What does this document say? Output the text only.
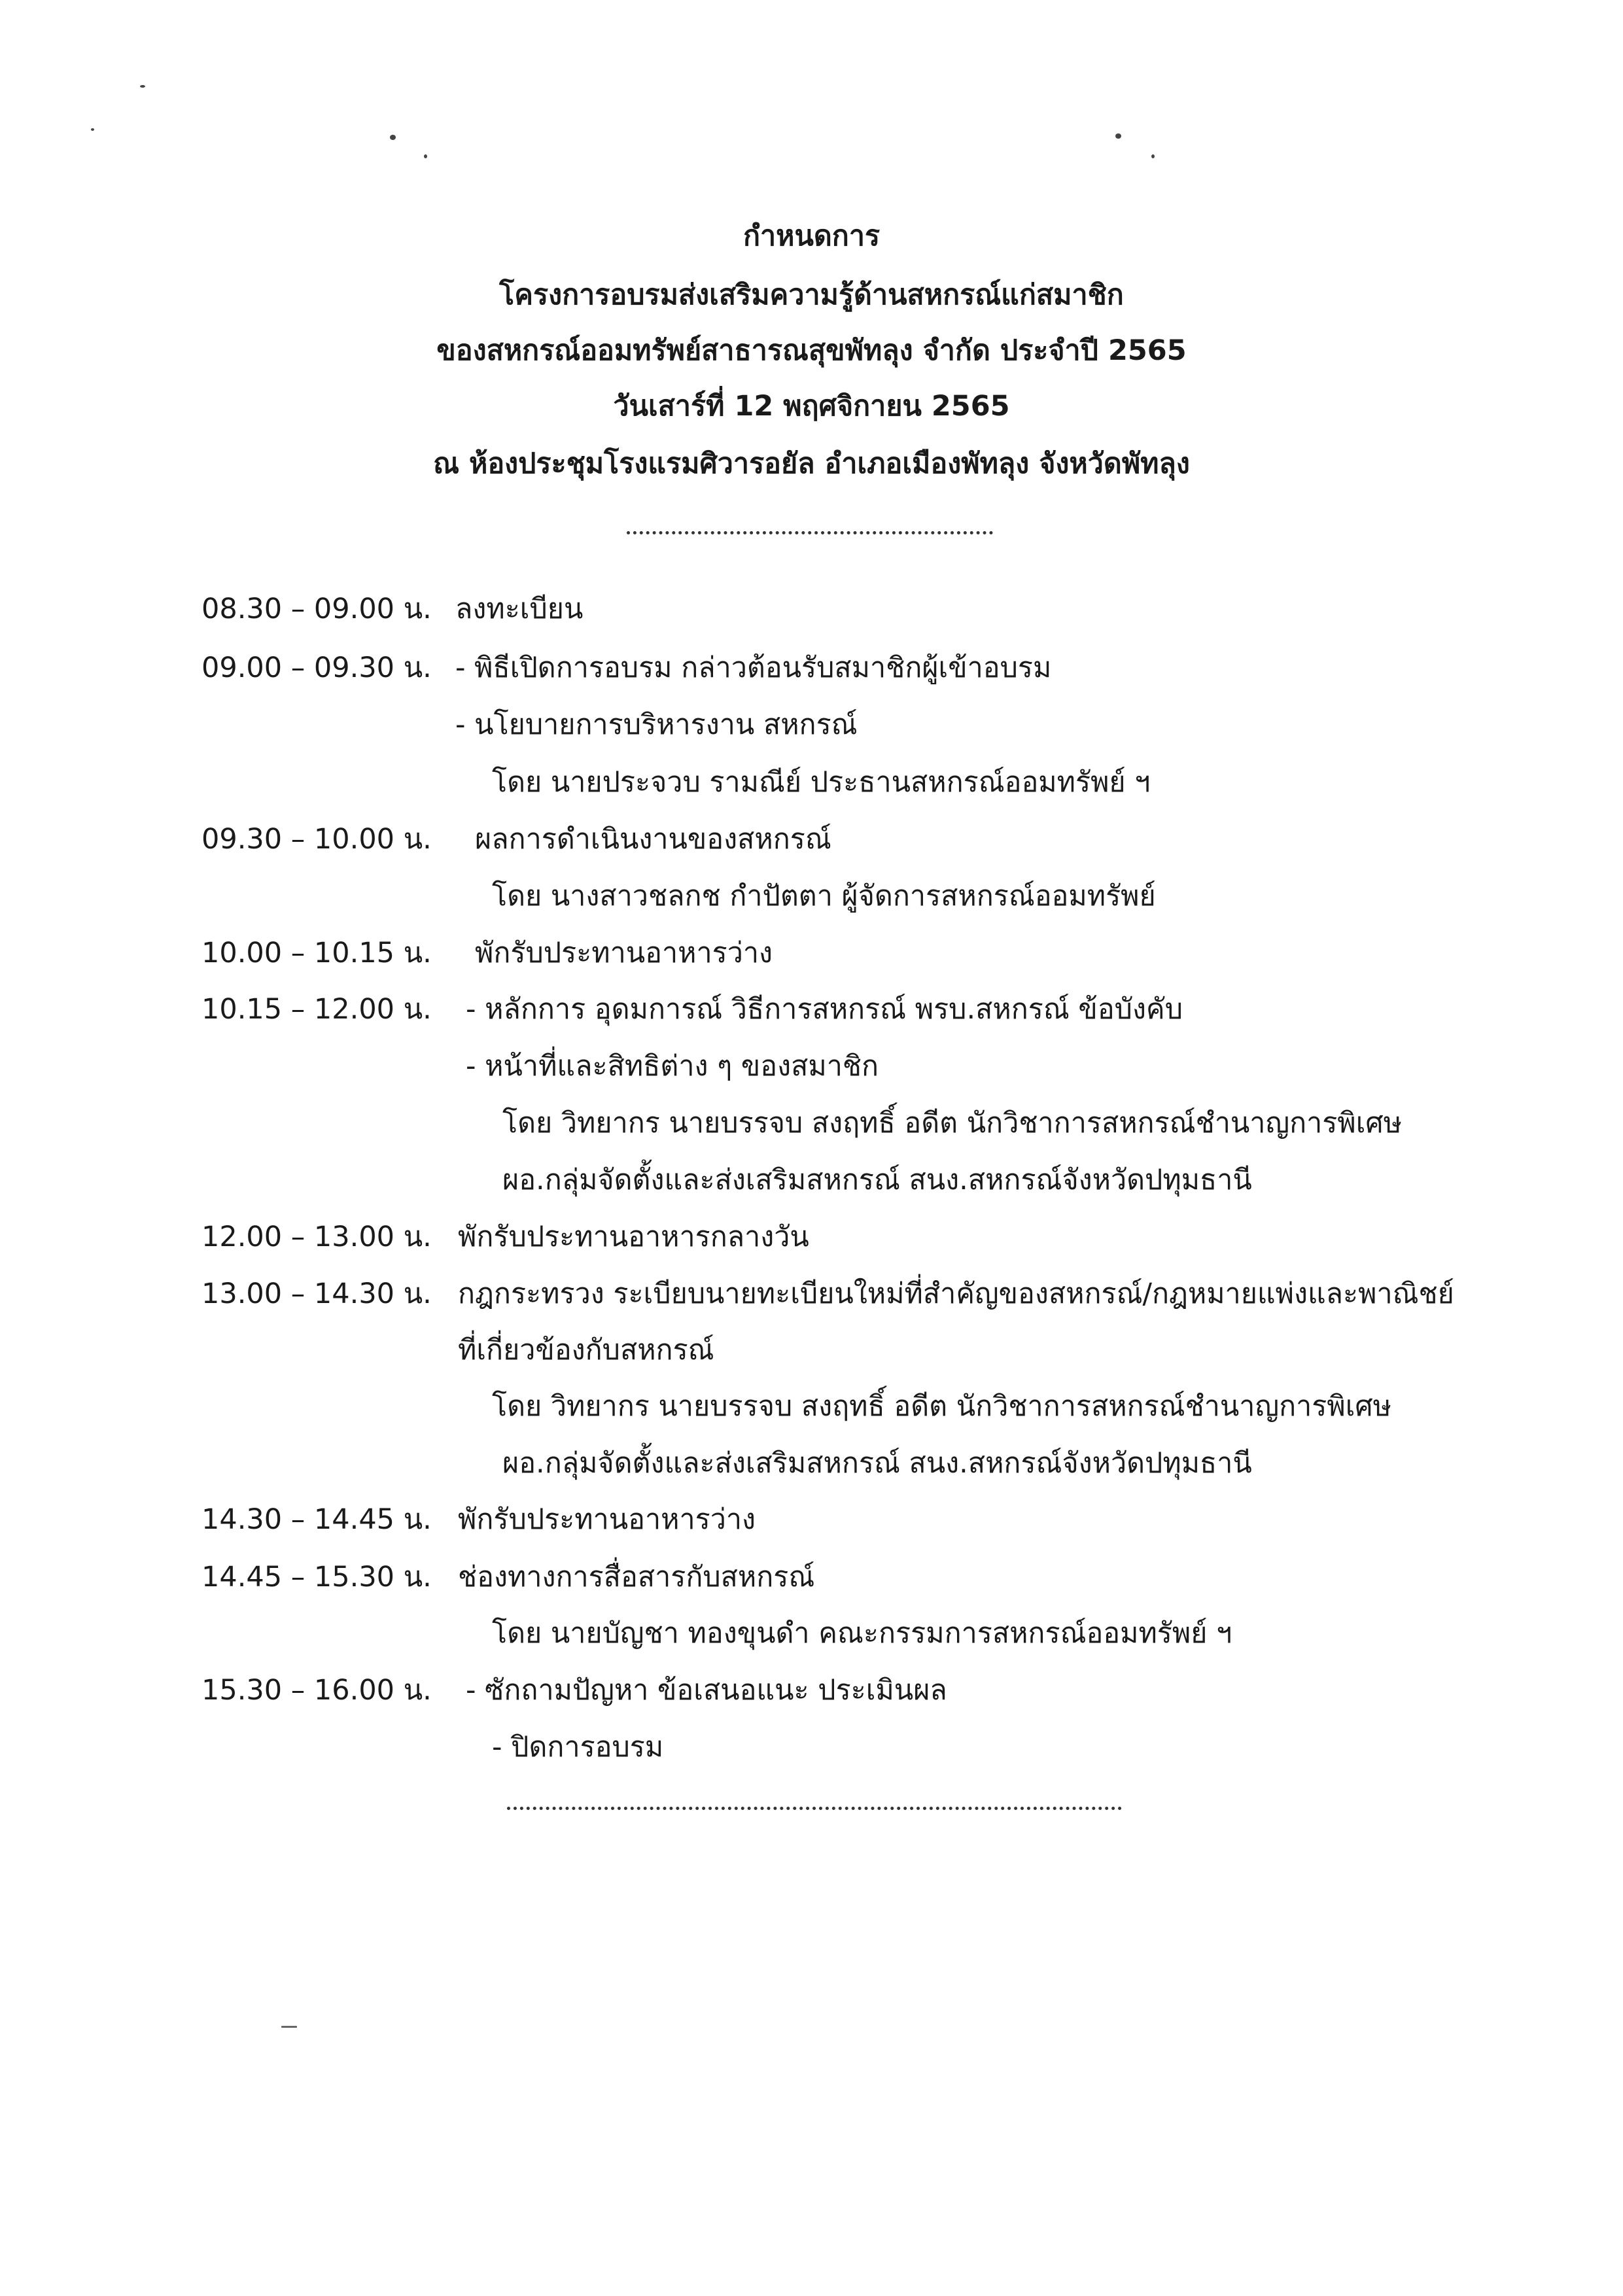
กำหนดการ
โครงการอบรมส่งเสริมความรู้ด้านสหกรณ์แก่สมาชิก
ของสหกรณ์ออมทรัพย์สาธารณสุขพัทลุง จำกัด ประจำปี 2565
วันเสาร์ที่ 12 พฤศจิกายน 2565
ณ ห้องประชุมโรงแรมศิวารอยัล อำเภอเมืองพัทลุง จังหวัดพัทลุง
08.30 – 09.00 น.
09.00 – 09.30 น.
09.30 – 10.00 น.
10.00 – 10.15 น.
10.15 – 12.00 น.
12.00 – 13.00 น.
13.00 – 14.30 น.
14.30 – 14.45 น.
14.45 – 15.30 น.
15.30 – 16.00 น.
ลงทะเบียน
- พิธีเปิดการอบรม กล่าวต้อนรับสมาชิกผู้เข้าอบรม
- นโยบายการบริหารงาน สหกรณ์
โดย นายประจวบ รามณีย์ ประธานสหกรณ์ออมทรัพย์ ฯ
ผลการดำเนินงานของสหกรณ์
โดย นางสาวชลกช กำปัตตา ผู้จัดการสหกรณ์ออมทรัพย์
พักรับประทานอาหารว่าง
- หลักการ อุดมการณ์ วิธีการสหกรณ์ พรบ.สหกรณ์ ข้อบังคับ
- หน้าที่และสิทธิต่าง ๆ ของสมาชิก
โดย วิทยากร นายบรรจบ สงฤทธิ์ อดีต นักวิชาการสหกรณ์ชำนาญการพิเศษ
ผอ.กลุ่มจัดตั้งและส่งเสริมสหกรณ์ สนง.สหกรณ์จังหวัดปทุมธานี
พักรับประทานอาหารกลางวัน
กฎกระทรวง ระเบียบนายทะเบียนใหม่ที่สำคัญของสหกรณ์/กฎหมายแพ่งและพาณิชย์
ที่เกี่ยวข้องกับสหกรณ์
โดย วิทยากร นายบรรจบ สงฤทธิ์ อดีต นักวิชาการสหกรณ์ชำนาญการพิเศษ
ผอ.กลุ่มจัดตั้งและส่งเสริมสหกรณ์ สนง.สหกรณ์จังหวัดปทุมธานี
พักรับประทานอาหารว่าง
ช่องทางการสื่อสารกับสหกรณ์
โดย นายบัญชา ทองขุนดำ คณะกรรมการสหกรณ์ออมทรัพย์ ฯ
- ซักถามปัญหา ข้อเสนอแนะ ประเมินผล
- ปิดการอบรม
